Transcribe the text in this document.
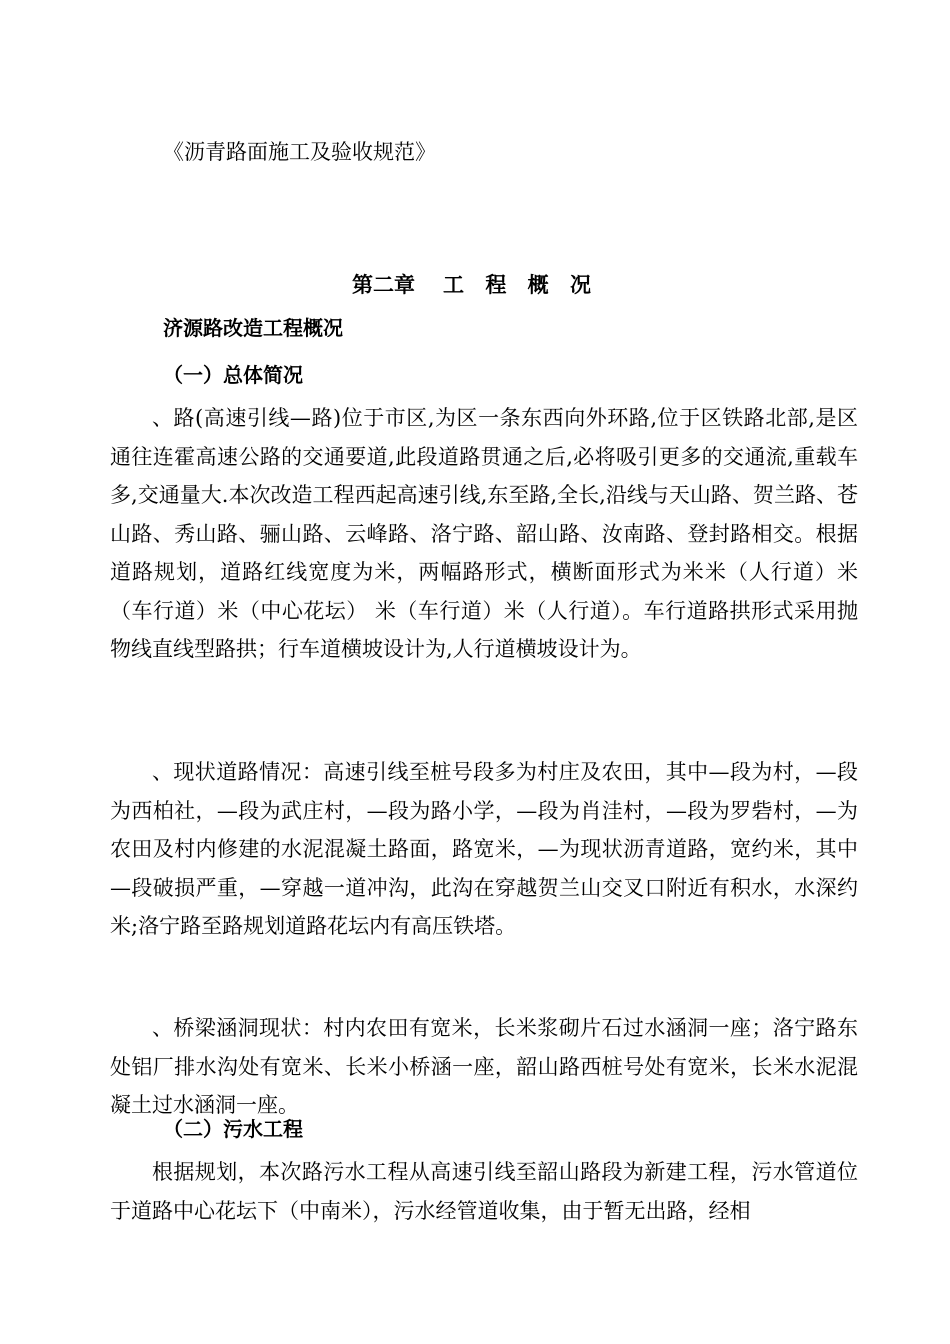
《沥青路面施工及验收规范》
第二章 工 程 概 况
济源路改造工程概况
（一）总体简况

、路(高速引线—路)位于市区,为区一条东西向外环路,位于区铁路北部,是区通往连霍高速公路的交通要道,此段道路贯通之后,必将吸引更多的交通流,重载车多,交通量大.本次改造工程西起高速引线,东至路,全长,沿线与天山路、贺兰路、苍山路、秀山路、骊山路、云峰路、洛宁路、韶山路、汝南路、登封路相交。根据道路规划，道路红线宽度为米，两幅路形式，横断面形式为米米（人行道）米（车行道）米（中心花坛） 米（车行道）米（人行道）。车行道路拱形式采用抛物线直线型路拱；行车道横坡设计为,人行道横坡设计为。

、现状道路情况：高速引线至桩号段多为村庄及农田，其中—段为村，—段为西柏社，—段为武庄村，—段为路小学，—段为肖洼村，—段为罗砦村，—为农田及村内修建的水泥混凝土路面，路宽米，—为现状沥青道路，宽约米，其中—段破损严重，—穿越一道冲沟，此沟在穿越贺兰山交叉口附近有积水，水深约米;洛宁路至路规划道路花坛内有高压铁塔。

、桥梁涵洞现状：村内农田有宽米，长米浆砌片石过水涵洞一座；洛宁路东处铝厂排水沟处有宽米、长米小桥涵一座，韶山路西桩号处有宽米，长米水泥混凝土过水涵洞一座。

（二）污水工程

根据规划，本次路污水工程从高速引线至韶山路段为新建工程，污水管道位于道路中心花坛下（中南米），污水经管道收集，由于暂无出路，经相
